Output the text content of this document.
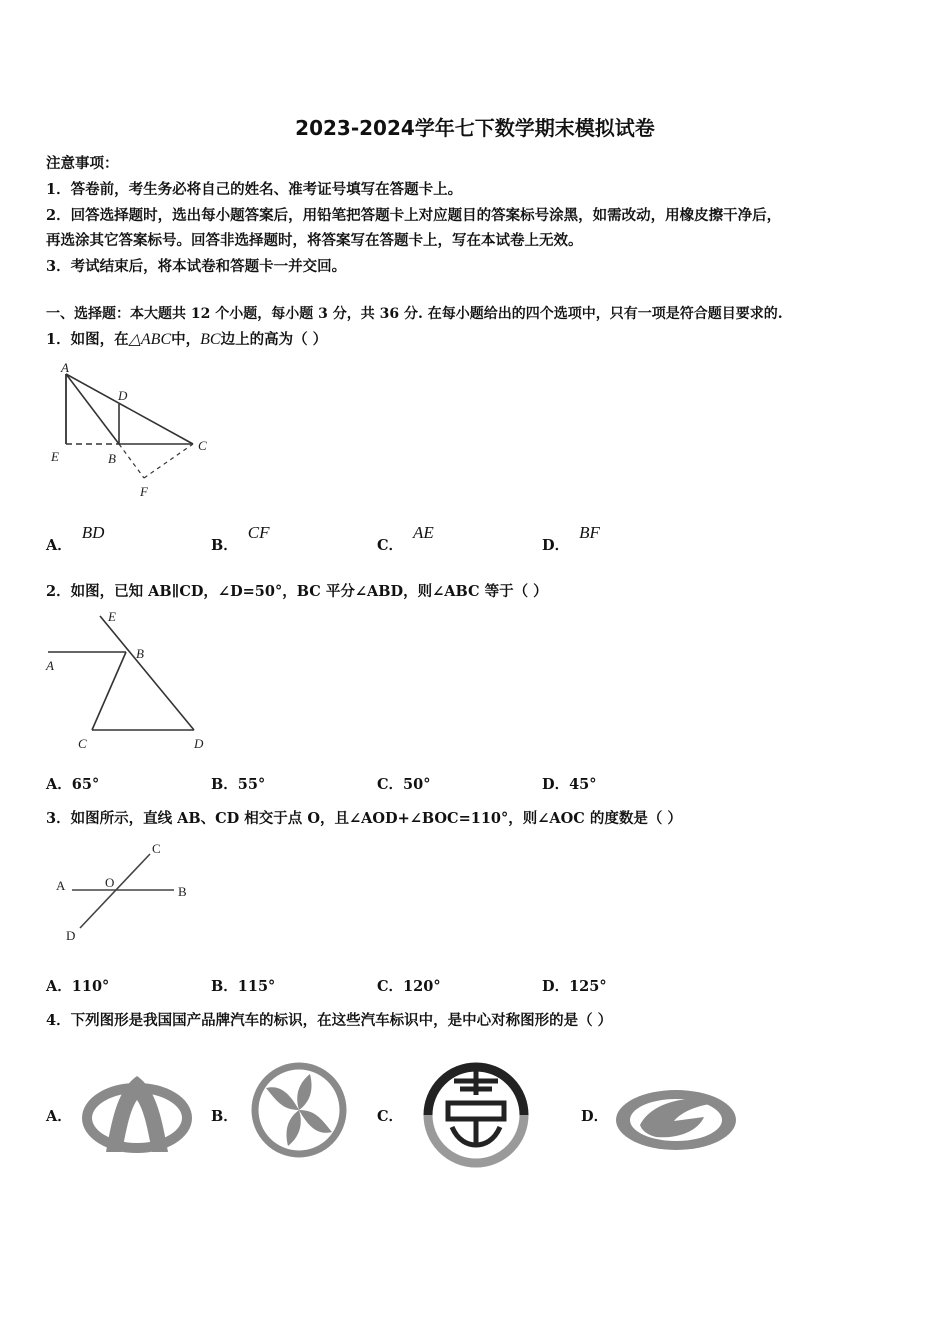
2023-2024学年七下数学期末模拟试卷
注意事项：
1．答卷前，考生务必将自己的姓名、准考证号填写在答题卡上。
2．回答选择题时，选出每小题答案后，用铅笔把答题卡上对应题目的答案标号涂黑，如需改动，用橡皮擦干净后，
再选涂其它答案标号。回答非选择题时，将答案写在答题卡上，写在本试卷上无效。
3．考试结束后，将本试卷和答题卡一并交回。
一、选择题：本大题共 12 个小题，每小题 3 分，共 36 分. 在每小题给出的四个选项中，只有一项是符合题目要求的.
1．如图，在△ABC中，BC边上的高为（ ）
A
D
E	B
C
F
A．BD
B．CF
C．AE
D．BF
2．如图，已知 AB∥CD，∠D=50°，BC 平分∠ABD，则∠ABC 等于（ ）
E
A
B
C	D
A．65°	B．55°	C．50°	D．45°
3．如图所示，直线 AB、CD 相交于点 O，且∠AOD+∠BOC=110°，则∠AOC 的度数是（ ）
C
A	O
B
D
A．110°	B．115°	C．120°	D．125°
4．下列图形是我国国产品牌汽车的标识，在这些汽车标识中，是中心对称图形的是（ ）
A．	B．	C．	D．
